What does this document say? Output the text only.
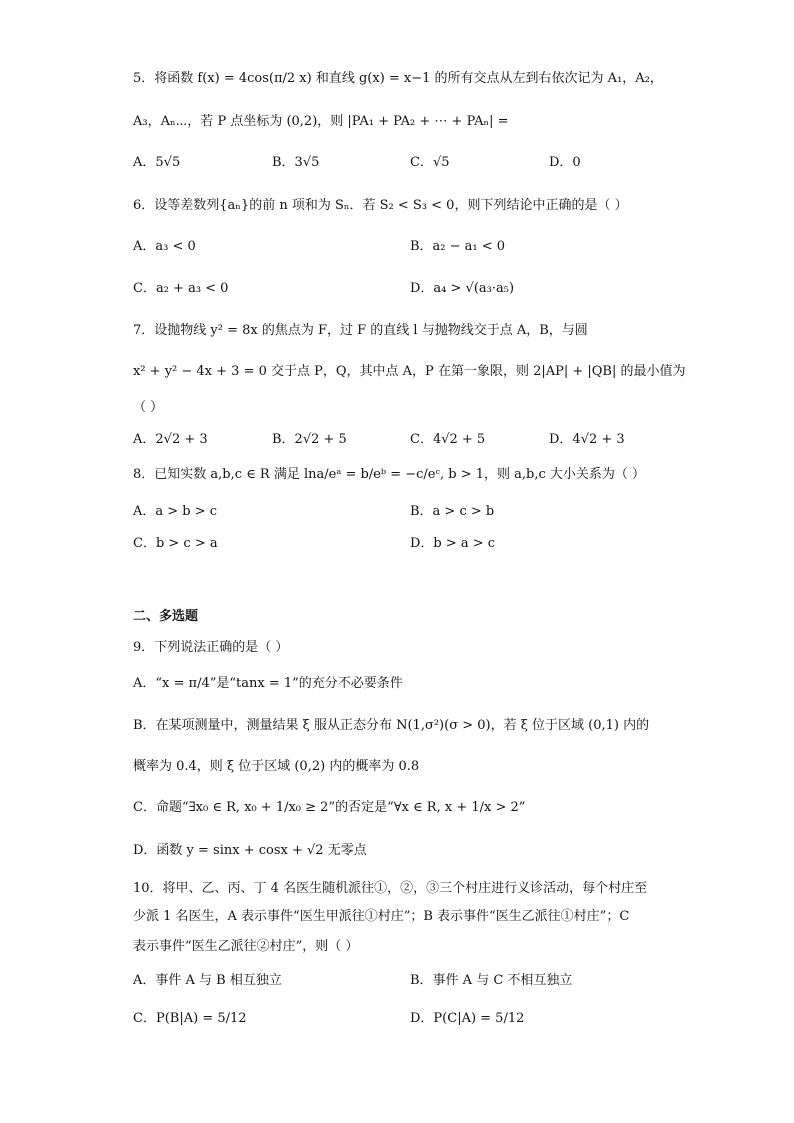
5．将函数 f(x) = 4cos(π/2 x) 和直线 g(x) = x−1 的所有交点从左到右依次记为 A₁，A₂，
A₃，Aₙ⋯，若 P 点坐标为 (0,2)，则 |PA₁ + PA₂ + ⋯ + PAₙ| =
A．5√5	B．3√5	C．√5	D．0
6．设等差数列{aₙ}的前 n 项和为 Sₙ．若 S₂ < S₃ < 0，则下列结论中正确的是（ ）
A．a₃ < 0	B．a₂ − a₁ < 0
C．a₂ + a₃ < 0	D．a₄ > √(a₃·a₅)
7．设抛物线 y² = 8x 的焦点为 F，过 F 的直线 l 与抛物线交于点 A，B，与圆
x² + y² − 4x + 3 = 0 交于点 P，Q，其中点 A，P 在第一象限，则 2|AP| + |QB| 的最小值为
（ ）
A．2√2 + 3	B．2√2 + 5	C．4√2 + 5	D．4√2 + 3
8．已知实数 a,b,c ∈ R 满足 lna/eᵃ = b/eᵇ = −c/eᶜ, b > 1，则 a,b,c 大小关系为（ ）
A．a > b > c	B．a > c > b
C．b > c > a	D．b > a > c
二、多选题
9．下列说法正确的是（ ）
A．“x = π/4”是“tanx = 1”的充分不必要条件
B．在某项测量中，测量结果 ξ 服从正态分布 N(1,σ²)(σ > 0)，若 ξ 位于区域 (0,1) 内的
概率为 0.4，则 ξ 位于区域 (0,2) 内的概率为 0.8
C．命题“∃x₀ ∈ R, x₀ + 1/x₀ ≥ 2”的否定是“∀x ∈ R, x + 1/x > 2”
D．函数 y = sinx + cosx + √2 无零点
10．将甲、乙、丙、丁 4 名医生随机派往①，②，③三个村庄进行义诊活动，每个村庄至
少派 1 名医生，A 表示事件“医生甲派往①村庄”；B 表示事件“医生乙派往①村庄”；C
表示事件“医生乙派往②村庄”，则（ ）
A．事件 A 与 B 相互独立	B．事件 A 与 C 不相互独立
C．P(B|A) = 5/12	D．P(C|A) = 5/12
